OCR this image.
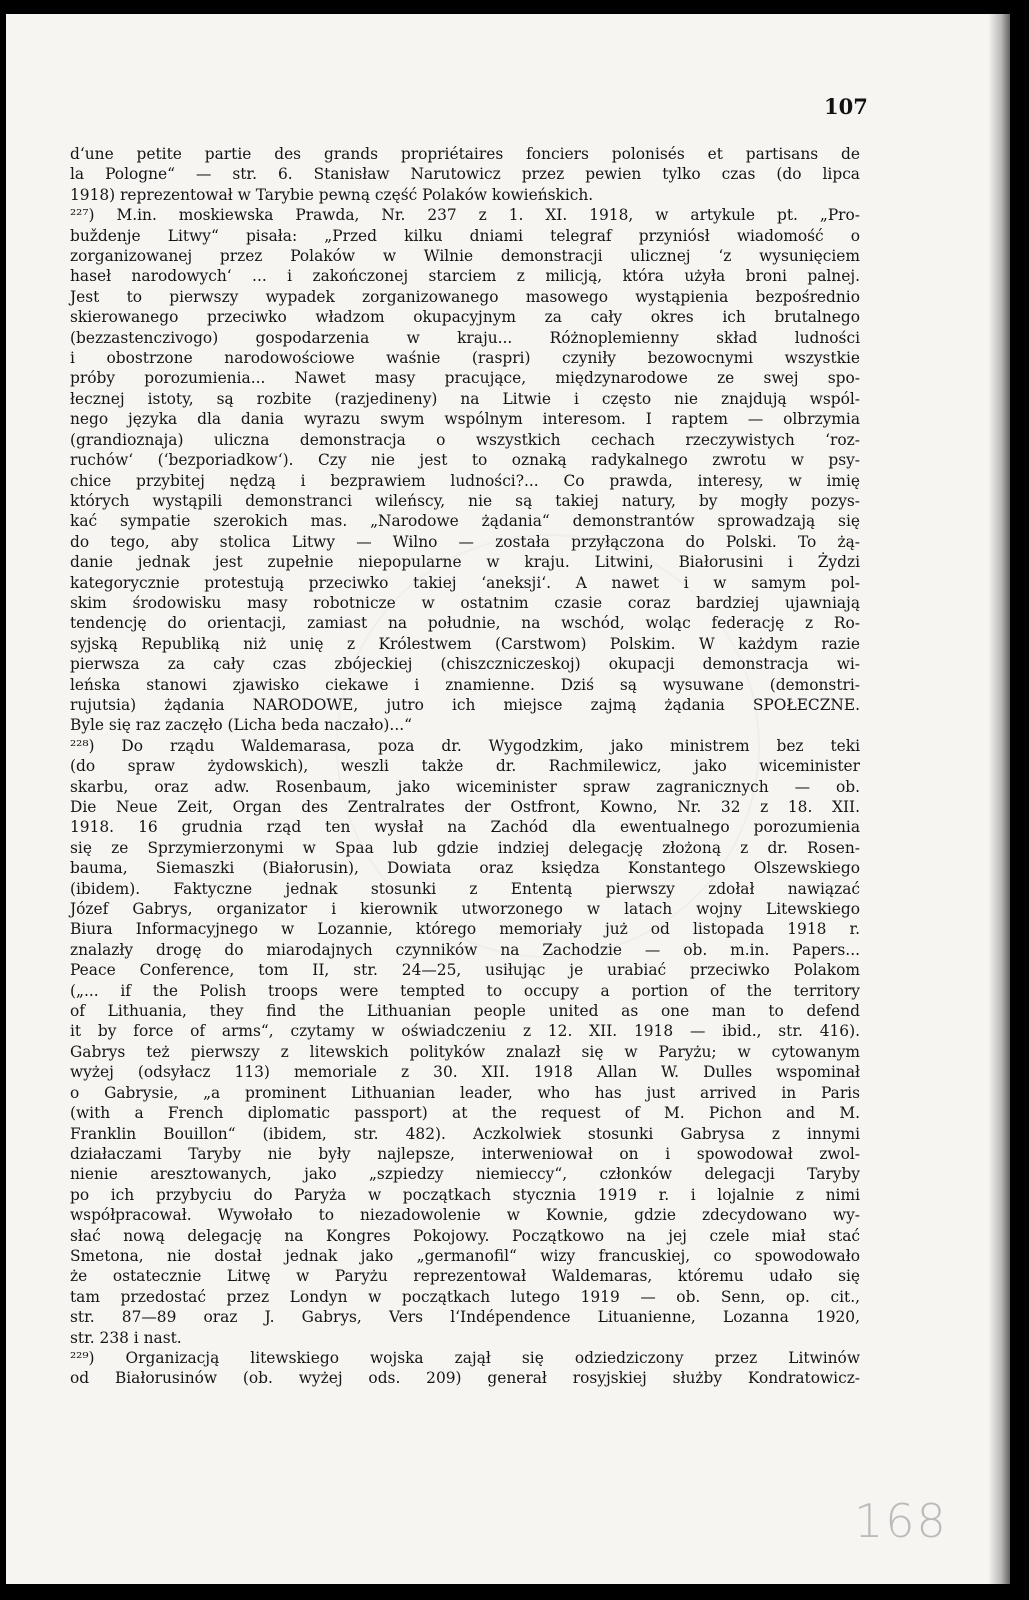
107
d‘une petite partie des grands propriétaires fonciers polonisés et partisans de
la Pologne“ — str. 6. Stanisław Narutowicz przez pewien tylko czas (do lipca
1918) reprezentował w Tarybie pewną część Polaków kowieńskich.
²²⁷) M.in. moskiewska Prawda, Nr. 237 z 1. XI. 1918, w artykule pt. „Pro-
buždenje Litwy“ pisała: „Przed kilku dniami telegraf przyniósł wiadomość o
zorganizowanej przez Polaków w Wilnie demonstracji ulicznej ‘z wysunięciem
haseł narodowych‘ ... i zakończonej starciem z milicją, która użyła broni palnej.
Jest to pierwszy wypadek zorganizowanego masowego wystąpienia bezpośrednio
skierowanego przeciwko władzom okupacyjnym za cały okres ich brutalnego
(bezzastenczivogo) gospodarzenia w kraju... Różnoplemienny skład ludności
i obostrzone narodowościowe waśnie (raspri) czyniły bezowocnymi wszystkie
próby porozumienia... Nawet masy pracujące, międzynarodowe ze swej spo-
łecznej istoty, są rozbite (razjedineny) na Litwie i często nie znajdują wspól-
nego języka dla dania wyrazu swym wspólnym interesom. I raptem — olbrzymia
(grandioznaja) uliczna demonstracja o wszystkich cechach rzeczywistych ‘roz-
ruchów‘ (‘bezporiadkow‘). Czy nie jest to oznaką radykalnego zwrotu w psy-
chice przybitej nędzą i bezprawiem ludności?... Co prawda, interesy, w imię
których wystąpili demonstranci wileńscy, nie są takiej natury, by mogły pozys-
kać sympatie szerokich mas. „Narodowe żądania“ demonstrantów sprowadzają się
do tego, aby stolica Litwy — Wilno — została przyłączona do Polski. To żą-
danie jednak jest zupełnie niepopularne w kraju. Litwini, Białorusini i Żydzi
kategorycznie protestują przeciwko takiej ‘aneksji‘. A nawet i w samym pol-
skim środowisku masy robotnicze w ostatnim czasie coraz bardziej ujawniają
tendencję do orientacji, zamiast na południe, na wschód, woląc federację z Ro-
syjską Republiką niż unię z Królestwem (Carstwom) Polskim. W każdym razie
pierwsza za cały czas zbójeckiej (chiszczniczeskoj) okupacji demonstracja wi-
leńska stanowi zjawisko ciekawe i znamienne. Dziś są wysuwane (demonstri-
rujutsia) żądania NARODOWE, jutro ich miejsce zajmą żądania SPOŁECZNE.
Byle się raz zaczęło (Licha beda naczało)...“
²²⁸) Do rządu Waldemarasa, poza dr. Wygodzkim, jako ministrem bez teki
(do spraw żydowskich), weszli także dr. Rachmilewicz, jako wiceminister
skarbu, oraz adw. Rosenbaum, jako wiceminister spraw zagranicznych — ob.
Die Neue Zeit, Organ des Zentralrates der Ostfront, Kowno, Nr. 32 z 18. XII.
1918. 16 grudnia rząd ten wysłał na Zachód dla ewentualnego porozumienia
się ze Sprzymierzonymi w Spaa lub gdzie indziej delegację złożoną z dr. Rosen-
bauma, Siemaszki (Białorusin), Dowiata oraz księdza Konstantego Olszewskiego
(ibidem). Faktyczne jednak stosunki z Ententą pierwszy zdołał nawiązać
Józef Gabrys, organizator i kierownik utworzonego w latach wojny Litewskiego
Biura Informacyjnego w Lozannie, którego memoriały już od listopada 1918 r.
znalazły drogę do miarodajnych czynników na Zachodzie — ob. m.in. Papers...
Peace Conference, tom II, str. 24—25, usiłując je urabiać przeciwko Polakom
(„... if the Polish troops were tempted to occupy a portion of the territory
of Lithuania, they find the Lithuanian people united as one man to defend
it by force of arms“, czytamy w oświadczeniu z 12. XII. 1918 — ibid., str. 416).
Gabrys też pierwszy z litewskich polityków znalazł się w Paryżu; w cytowanym
wyżej (odsyłacz 113) memoriale z 30. XII. 1918 Allan W. Dulles wspominał
o Gabrysie, „a prominent Lithuanian leader, who has just arrived in Paris
(with a French diplomatic passport) at the request of M. Pichon and M.
Franklin Bouillon“ (ibidem, str. 482). Aczkolwiek stosunki Gabrysa z innymi
działaczami Taryby nie były najlepsze, interweniował on i spowodował zwol-
nienie aresztowanych, jako „szpiedzy niemieccy“, członków delegacji Taryby
po ich przybyciu do Paryża w początkach stycznia 1919 r. i lojalnie z nimi
współpracował. Wywołało to niezadowolenie w Kownie, gdzie zdecydowano wy-
słać nową delegację na Kongres Pokojowy. Początkowo na jej czele miał stać
Smetona, nie dostał jednak jako „germanofil“ wizy francuskiej, co spowodowało
że ostatecznie Litwę w Paryżu reprezentował Waldemaras, któremu udało się
tam przedostać przez Londyn w początkach lutego 1919 — ob. Senn, op. cit.,
str. 87—89 oraz J. Gabrys, Vers l‘Indépendence Lituanienne, Lozanna 1920,
str. 238 i nast.
²²⁹) Organizacją litewskiego wojska zajął się odziedziczony przez Litwinów
od Białorusinów (ob. wyżej ods. 209) generał rosyjskiej służby Kondratowicz-
168
